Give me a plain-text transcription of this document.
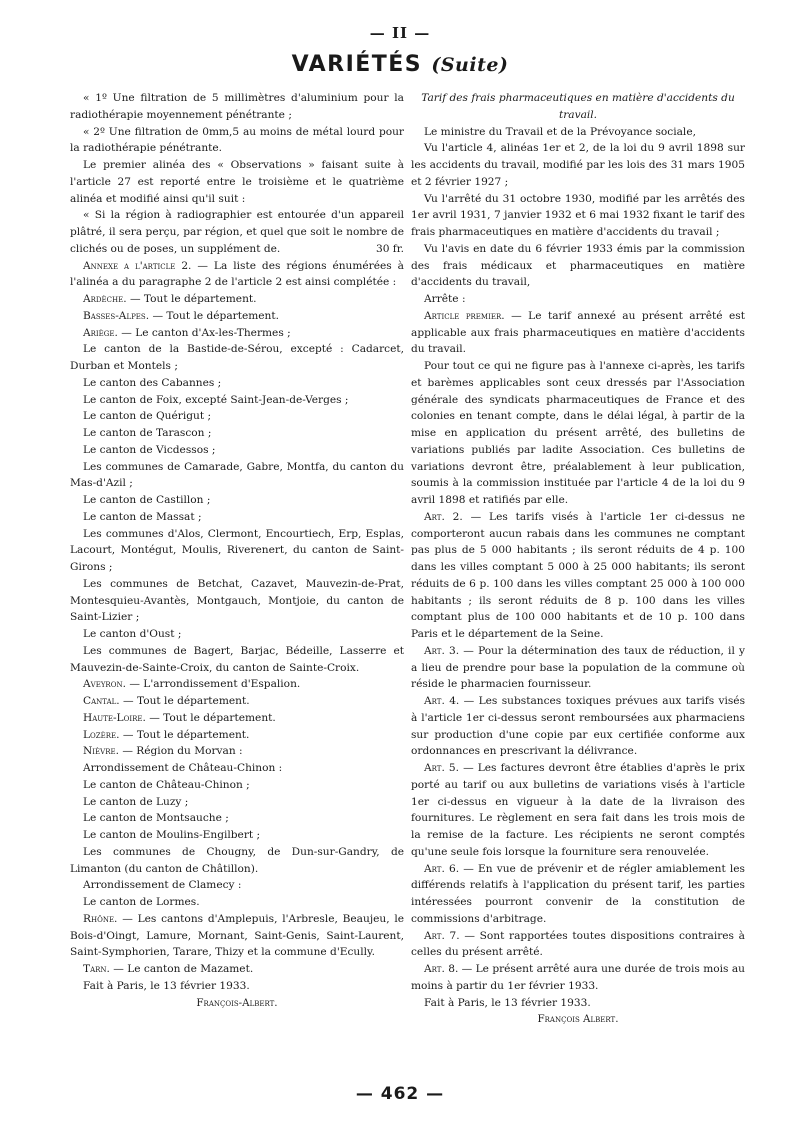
— II —
VARIÉTÉS (Suite)

« 1º Une filtration de 5 millimètres d'aluminium pour la radiothérapie moyennement pénétrante ;

« 2º Une filtration de 0mm,5 au moins de métal lourd pour la radiothérapie pénétrante.

Le premier alinéa des « Observations » faisant suite à l'article 27 est reporté entre le troisième et le quatrième alinéa et modifié ainsi qu'il suit :

« Si la région à radiographier est entourée d'un appareil plâtré, il sera perçu, par région, et quel que soit le nombre de clichés ou de poses, un supplément de.	30 fr.

Annexe a l'article 2. — La liste des régions énumérées à l'alinéa a du paragraphe 2 de l'article 2 est ainsi complétée :

Ardèche. — Tout le département.

Basses-Alpes. — Tout le département.

Ariège. — Le canton d'Ax-les-Thermes ;

Le canton de la Bastide-de-Sérou, excepté : Cadarcet, Durban et Montels ;

Le canton des Cabannes ;

Le canton de Foix, excepté Saint-Jean-de-Verges ;

Le canton de Quérigut ;

Le canton de Tarascon ;

Le canton de Vicdessos ;

Les communes de Camarade, Gabre, Montfa, du canton du Mas-d'Azil ;

Le canton de Castillon ;

Le canton de Massat ;

Les communes d'Alos, Clermont, Encourtiech, Erp, Esplas, Lacourt, Montégut, Moulis, Riverenert, du canton de Saint-Girons ;

Les communes de Betchat, Cazavet, Mauvezin-de-Prat, Montesquieu-Avantès, Montgauch, Montjoie, du canton de Saint-Lizier ;

Le canton d'Oust ;

Les communes de Bagert, Barjac, Bédeille, Lasserre et Mauvezin-de-Sainte-Croix, du canton de Sainte-Croix.

Aveyron. — L'arrondissement d'Espalion.

Cantal. — Tout le département.

Haute-Loire. — Tout le département.

Lozère. — Tout le département.

Nièvre. — Région du Morvan :

Arrondissement de Château-Chinon :

Le canton de Château-Chinon ;

Le canton de Luzy ;

Le canton de Montsauche ;

Le canton de Moulins-Engilbert ;

Les communes de Chougny, de Dun-sur-Gandry, de Limanton (du canton de Châtillon).

Arrondissement de Clamecy :

Le canton de Lormes.

Rhône. — Les cantons d'Amplepuis, l'Arbresle, Beaujeu, le Bois-d'Oingt, Lamure, Mornant, Saint-Genis, Saint-Laurent, Saint-Symphorien, Tarare, Thizy et la commune d'Ecully.

Tarn. — Le canton de Mazamet.

Fait à Paris, le 13 février 1933.

François-Albert.

Tarif des frais pharmaceutiques en matière d'accidents du travail.

Le ministre du Travail et de la Prévoyance sociale,

Vu l'article 4, alinéas 1er et 2, de la loi du 9 avril 1898 sur les accidents du travail, modifié par les lois des 31 mars 1905 et 2 février 1927 ;

Vu l'arrêté du 31 octobre 1930, modifié par les arrêtés des 1er avril 1931, 7 janvier 1932 et 6 mai 1932 fixant le tarif des frais pharmaceutiques en matière d'accidents du travail ;

Vu l'avis en date du 6 février 1933 émis par la commission des frais médicaux et pharmaceutiques en matière d'accidents du travail,

Arrête :

Article premier. — Le tarif annexé au présent arrêté est applicable aux frais pharmaceutiques en matière d'accidents du travail.

Pour tout ce qui ne figure pas à l'annexe ci-après, les tarifs et barèmes applicables sont ceux dressés par l'Association générale des syndicats pharmaceutiques de France et des colonies en tenant compte, dans le délai légal, à partir de la mise en application du présent arrêté, des bulletins de variations publiés par ladite Association. Ces bulletins de variations devront être, préalablement à leur publication, soumis à la commission instituée par l'article 4 de la loi du 9 avril 1898 et ratifiés par elle.

Art. 2. — Les tarifs visés à l'article 1er ci-dessus ne comporteront aucun rabais dans les communes ne comptant pas plus de 5 000 habitants ; ils seront réduits de 4 p. 100 dans les villes comptant 5 000 à 25 000 habitants; ils seront réduits de 6 p. 100 dans les villes comptant 25 000 à 100 000 habitants ; ils seront réduits de 8 p. 100 dans les villes comptant plus de 100 000 habitants et de 10 p. 100 dans Paris et le département de la Seine.

Art. 3. — Pour la détermination des taux de réduction, il y a lieu de prendre pour base la population de la commune où réside le pharmacien fournisseur.

Art. 4. — Les substances toxiques prévues aux tarifs visés à l'article 1er ci-dessus seront remboursées aux pharmaciens sur production d'une copie par eux certifiée conforme aux ordonnances en prescrivant la délivrance.

Art. 5. — Les factures devront être établies d'après le prix porté au tarif ou aux bulletins de variations visés à l'article 1er ci-dessus en vigueur à la date de la livraison des fournitures. Le règlement en sera fait dans les trois mois de la remise de la facture. Les récipients ne seront comptés qu'une seule fois lorsque la fourniture sera renouvelée.

Art. 6. — En vue de prévenir et de régler amiablement les différends relatifs à l'application du présent tarif, les parties intéressées pourront convenir de la constitution de commissions d'arbitrage.

Art. 7. — Sont rapportées toutes dispositions contraires à celles du présent arrêté.

Art. 8. — Le présent arrêté aura une durée de trois mois au moins à partir du 1er février 1933.

Fait à Paris, le 13 février 1933.

François Albert.

— 462 —
